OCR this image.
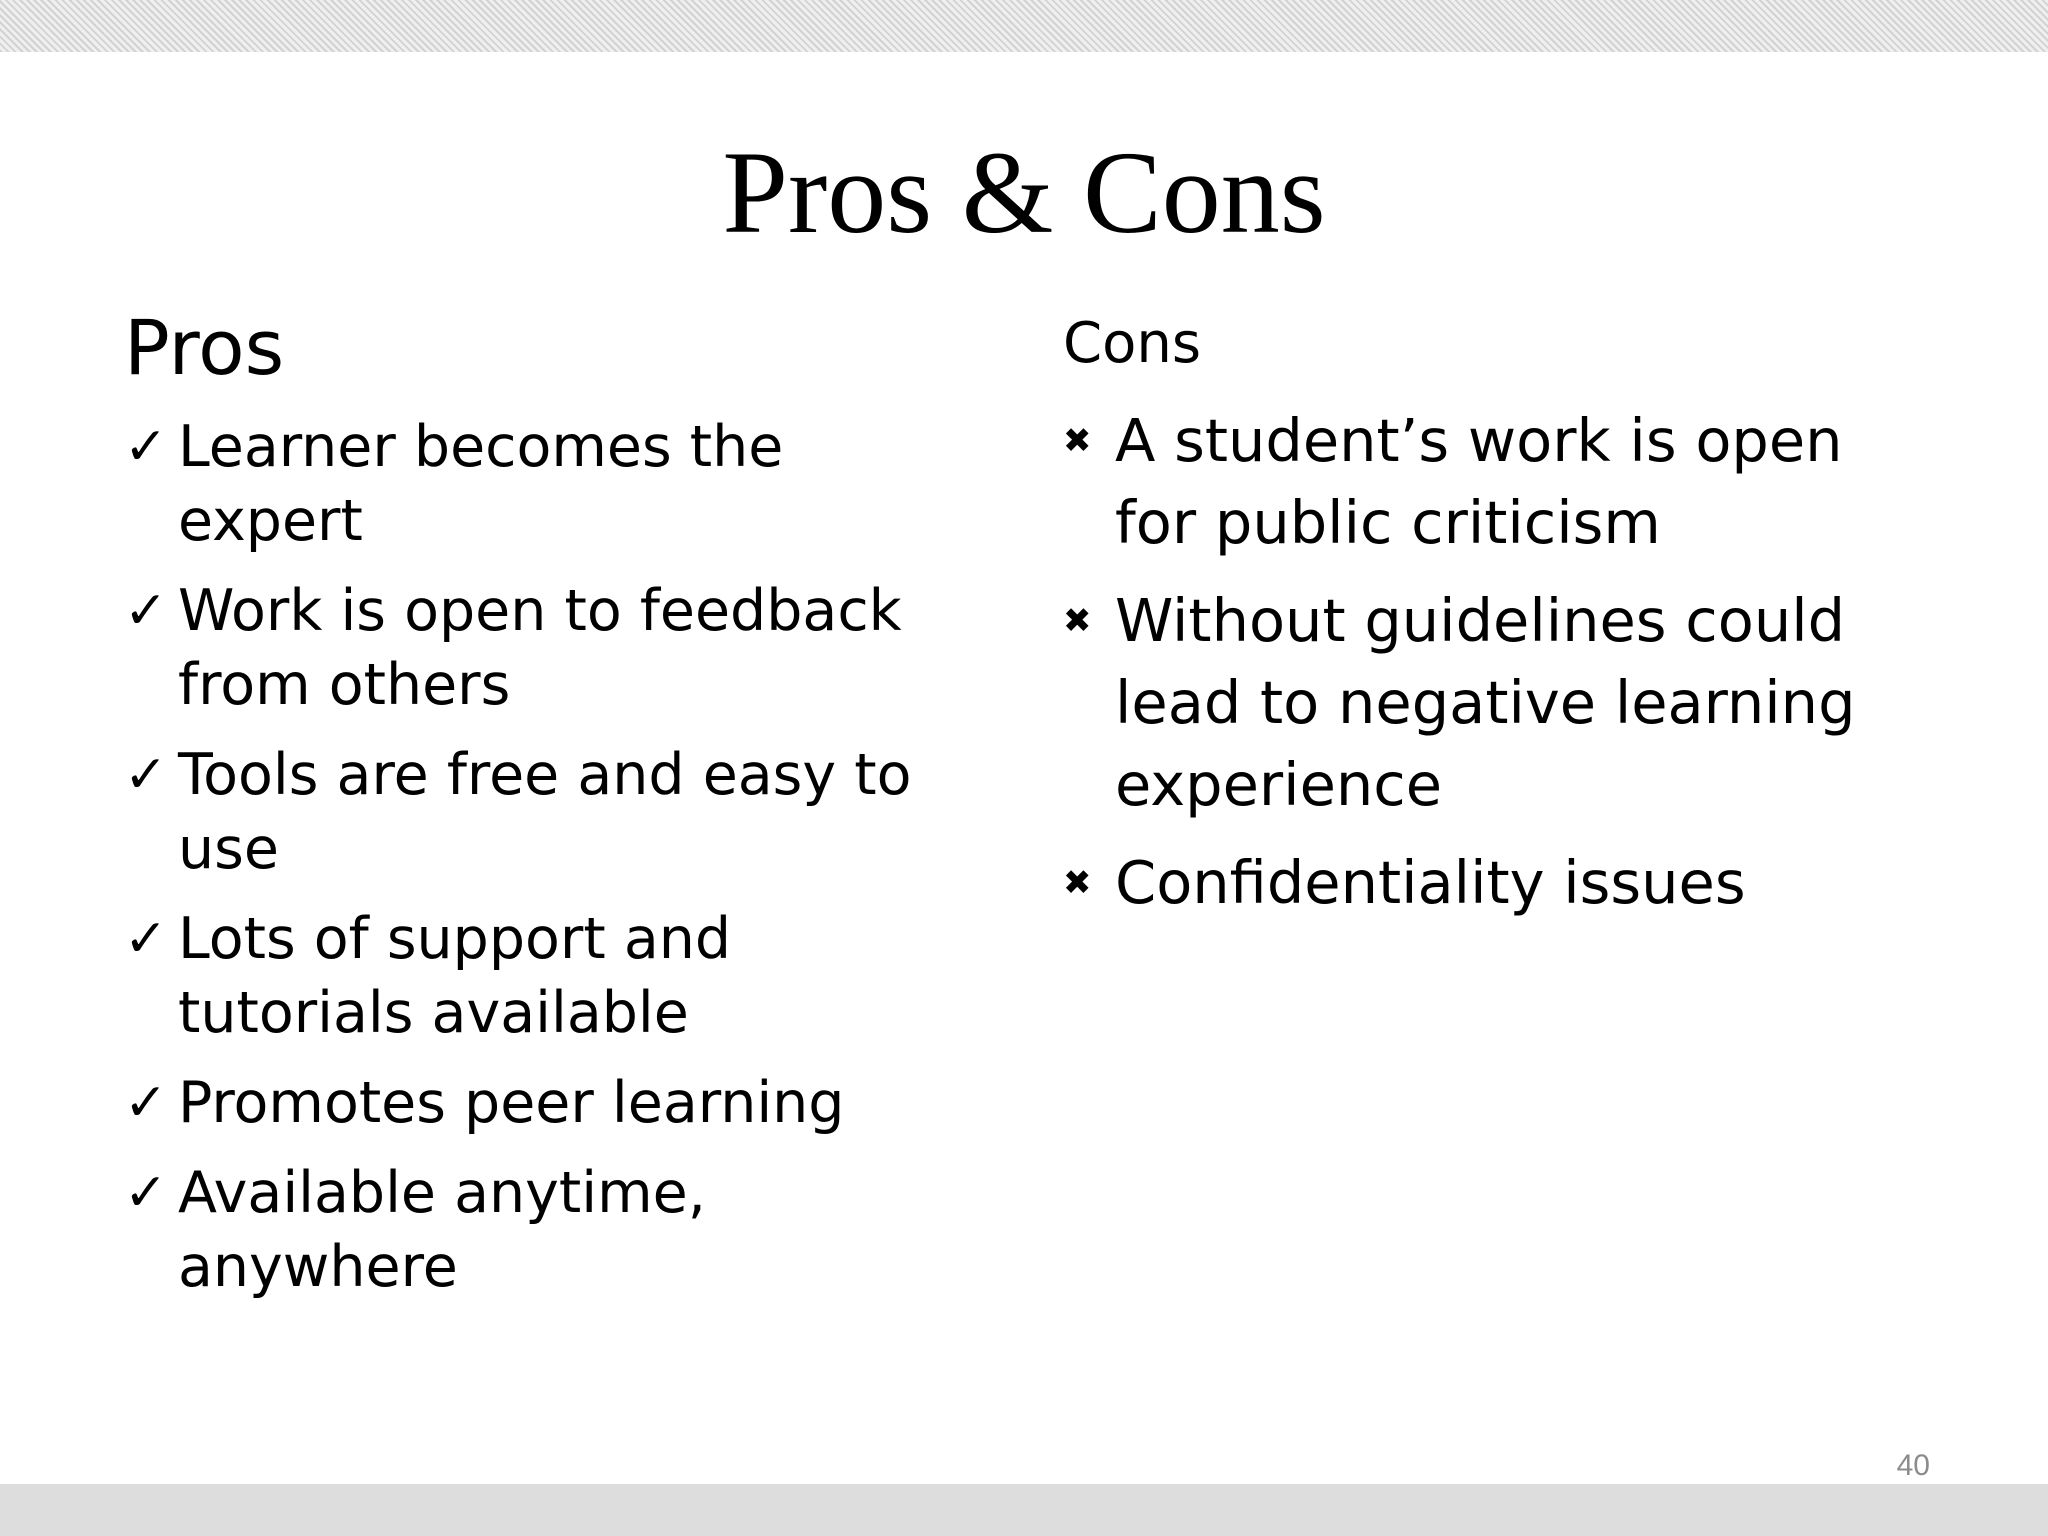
Pros & Cons
Pros
✓ Learner becomes the expert
✓ Work is open to feedback from others
✓ Tools are free and easy to use
✓ Lots of support and tutorials available
✓ Promotes peer learning
✓ Available anytime, anywhere
Cons
✖ A student’s work is open for public criticism
✖ Without guidelines could lead to negative learning experience
✖ Confidentiality issues
40
